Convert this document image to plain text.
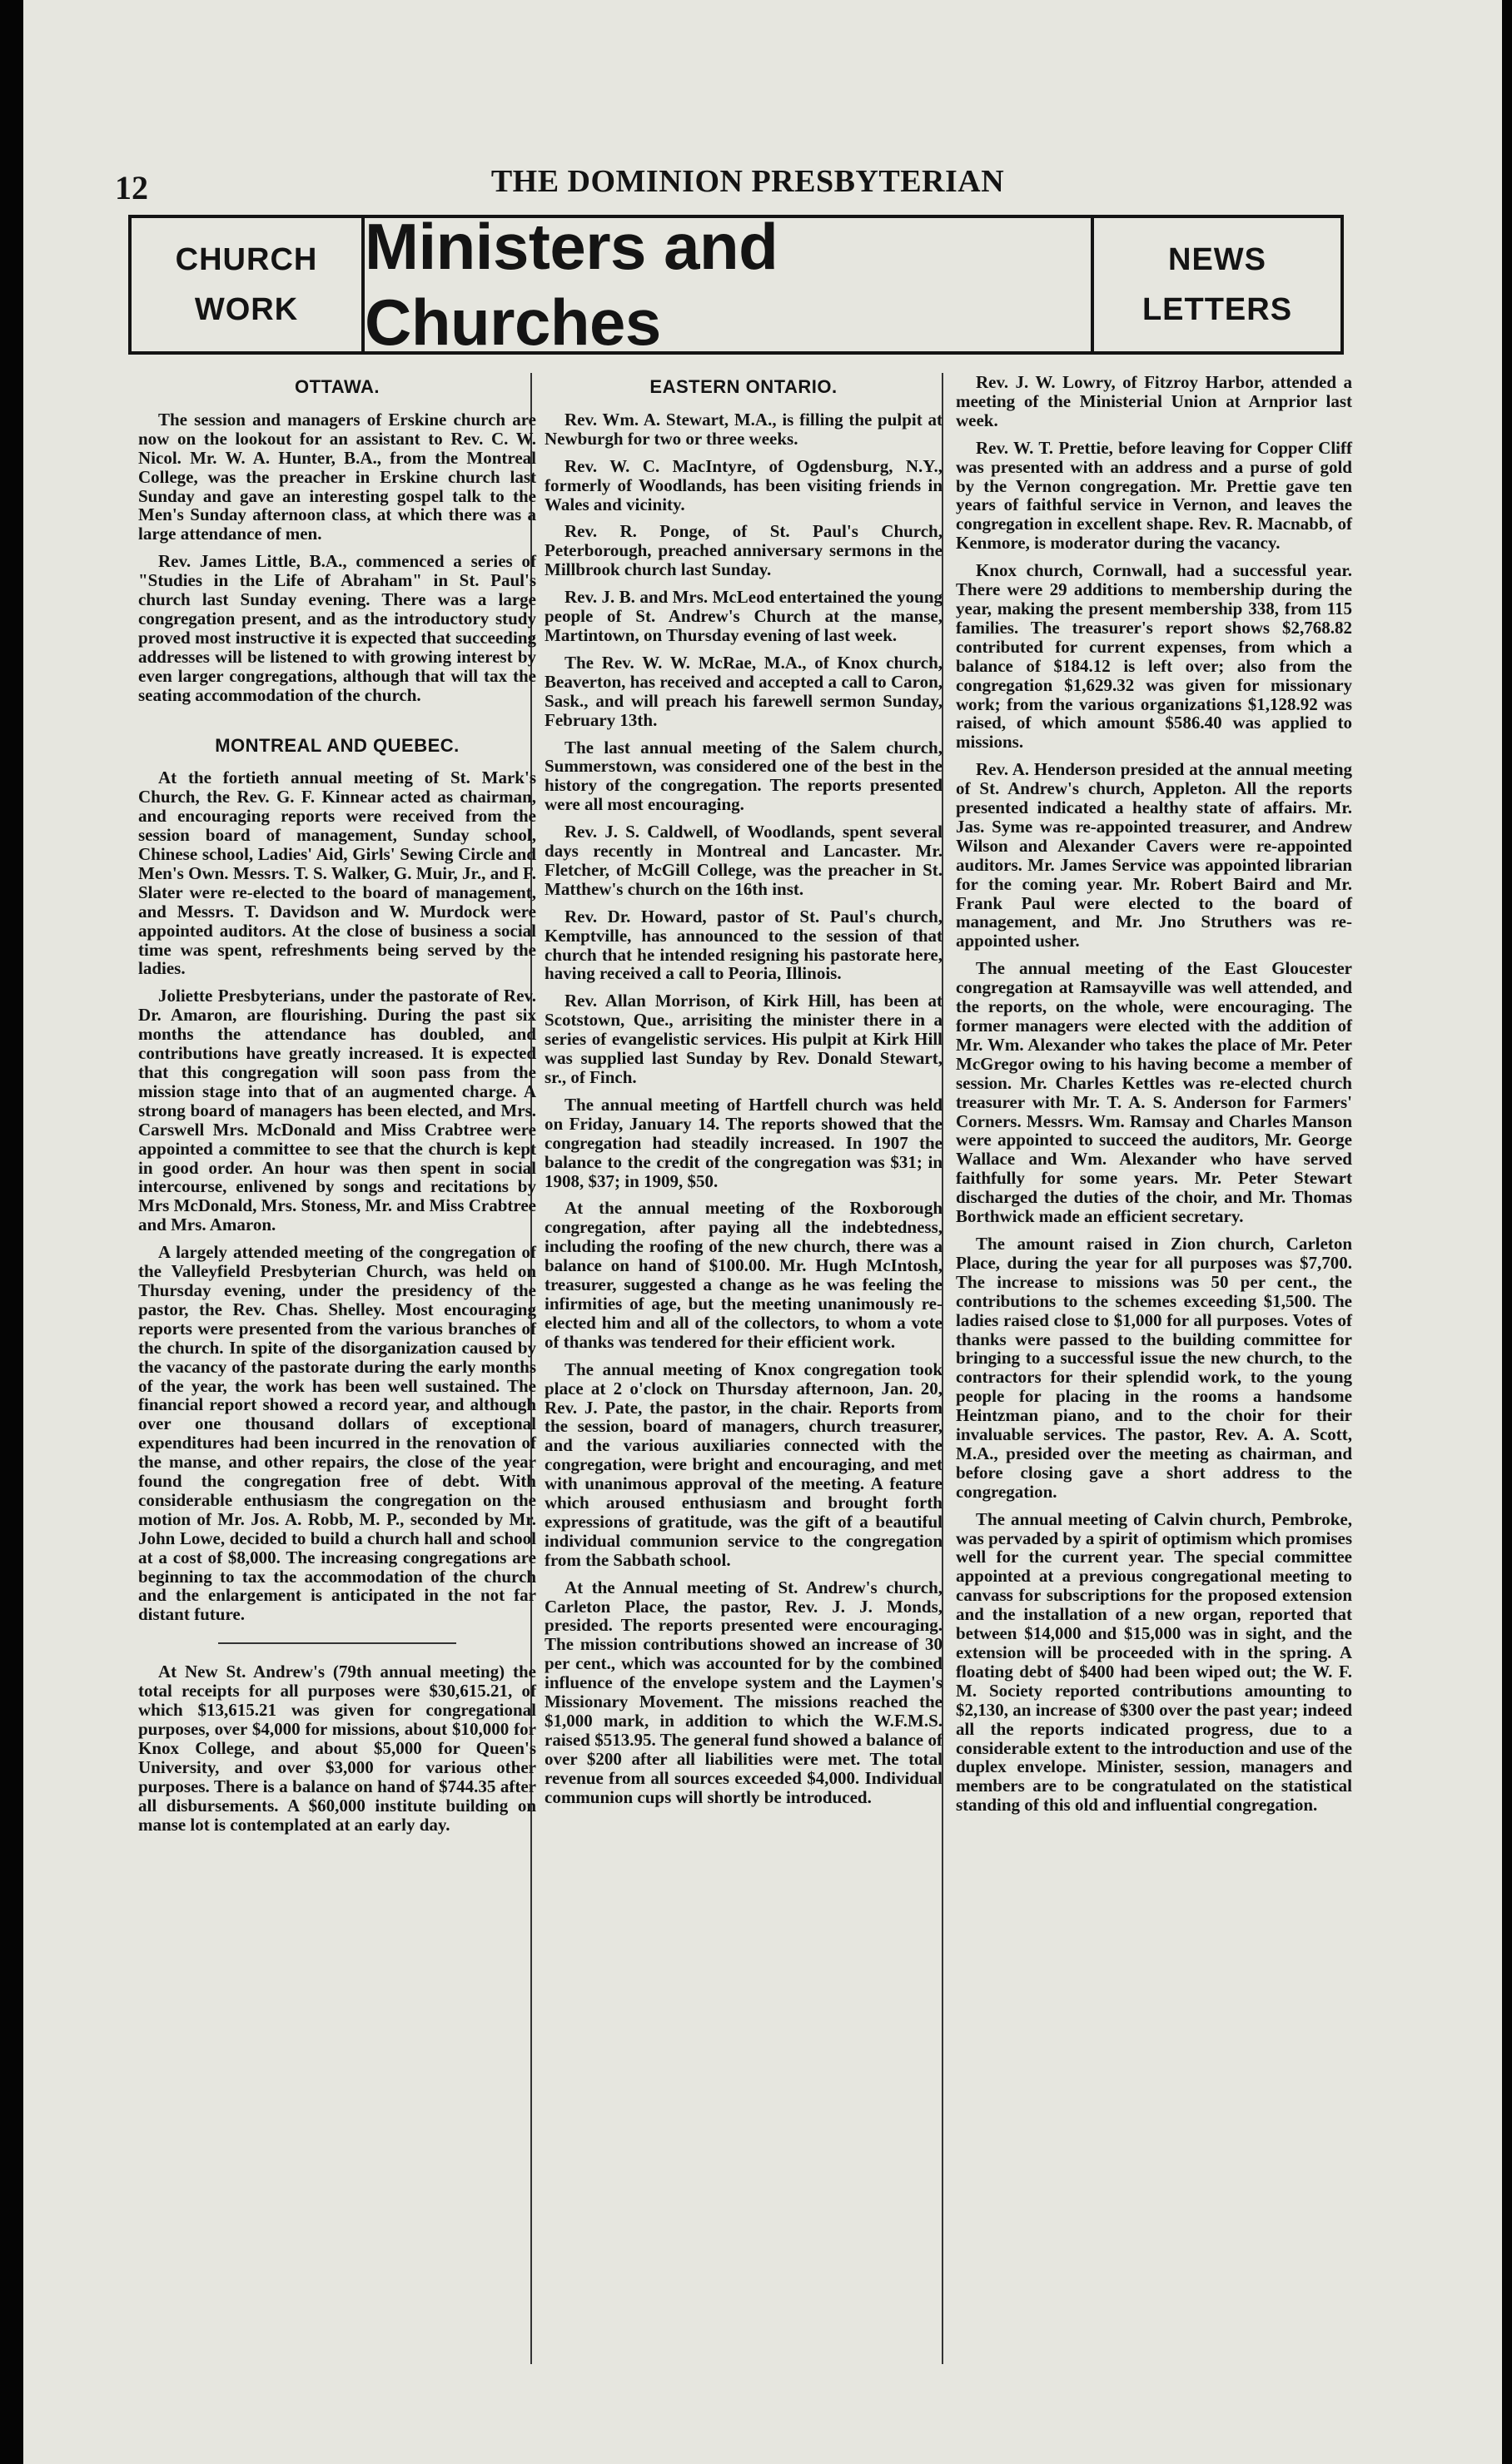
12	THE DOMINION PRESBYTERIAN
CHURCH
WORK
Ministers and Churches
NEWS
LETTERS
OTTAWA.

The session and managers of Erskine church are now on the lookout for an assistant to Rev. C. W. Nicol. Mr. W. A. Hunter, B.A., from the Montreal College, was the preacher in Erskine church last Sunday and gave an interesting gospel talk to the Men's Sunday afternoon class, at which there was a large attendance of men.

Rev. James Little, B.A., commenced a series of "Studies in the Life of Abraham" in St. Paul's church last Sunday evening. There was a large congregation present, and as the introductory study proved most instructive it is expected that succeeding addresses will be listened to with growing interest by even larger congregations, although that will tax the seating accommodation of the church.

MONTREAL AND QUEBEC.

At the fortieth annual meeting of St. Mark's Church, the Rev. G. F. Kinnear acted as chairman, and encouraging reports were received from the session board of management, Sunday school, Chinese school, Ladies' Aid, Girls' Sewing Circle and Men's Own. Messrs. T. S. Walker, G. Muir, Jr., and F. Slater were re-elected to the board of management, and Messrs. T. Davidson and W. Murdock were appointed auditors. At the close of business a social time was spent, refreshments being served by the ladies.

Joliette Presbyterians, under the pastorate of Rev. Dr. Amaron, are flourishing. During the past six months the attendance has doubled, and contributions have greatly increased. It is expected that this congregation will soon pass from the mission stage into that of an augmented charge. A strong board of managers has been elected, and Mrs. Carswell Mrs. McDonald and Miss Crabtree were appointed a committee to see that the church is kept in good order. An hour was then spent in social intercourse, enlivened by songs and recitations by Mrs McDonald, Mrs. Stoness, Mr. and Miss Crabtree and Mrs. Amaron.

A largely attended meeting of the congregation of the Valleyfield Presbyterian Church, was held on Thursday evening, under the presidency of the pastor, the Rev. Chas. Shelley. Most encouraging reports were presented from the various branches of the church. In spite of the disorganization caused by the vacancy of the pastorate during the early months of the year, the work has been well sustained. The financial report showed a record year, and although over one thousand dollars of exceptional expenditures had been incurred in the renovation of the manse, and other repairs, the close of the year found the congregation free of debt. With considerable enthusiasm the congregation on the motion of Mr. Jos. A. Robb, M. P., seconded by Mr. John Lowe, decided to build a church hall and school at a cost of $8,000. The increasing congregations are beginning to tax the accommodation of the church and the enlargement is anticipated in the not far distant future.

At New St. Andrew's (79th annual meeting) the total receipts for all purposes were $30,615.21, of which $13,615.21 was given for congregational purposes, over $4,000 for missions, about $10,000 for Knox College, and about $5,000 for Queen's University, and over $3,000 for various other purposes. There is a balance on hand of $744.35 after all disbursements. A $60,000 institute building on manse lot is contemplated at an early day.

EASTERN ONTARIO.

Rev. Wm. A. Stewart, M.A., is filling the pulpit at Newburgh for two or three weeks.

Rev. W. C. MacIntyre, of Ogdensburg, N.Y., formerly of Woodlands, has been visiting friends in Wales and vicinity.

Rev. R. Ponge, of St. Paul's Church, Peterborough, preached anniversary sermons in the Millbrook church last Sunday.

Rev. J. B. and Mrs. McLeod entertained the young people of St. Andrew's Church at the manse, Martintown, on Thursday evening of last week.

The Rev. W. W. McRae, M.A., of Knox church, Beaverton, has received and accepted a call to Caron, Sask., and will preach his farewell sermon Sunday, February 13th.

The last annual meeting of the Salem church, Summerstown, was considered one of the best in the history of the congregation. The reports presented were all most encouraging.

Rev. J. S. Caldwell, of Woodlands, spent several days recently in Montreal and Lancaster. Mr. Fletcher, of McGill College, was the preacher in St. Matthew's church on the 16th inst.

Rev. Dr. Howard, pastor of St. Paul's church, Kemptville, has announced to the session of that church that he intended resigning his pastorate here, having received a call to Peoria, Illinois.

Rev. Allan Morrison, of Kirk Hill, has been at Scotstown, Que., arrisiting the minister there in a series of evangelistic services. His pulpit at Kirk Hill was supplied last Sunday by Rev. Donald Stewart, sr., of Finch.

The annual meeting of Hartfell church was held on Friday, January 14. The reports showed that the congregation had steadily increased. In 1907 the balance to the credit of the congregation was $31; in 1908, $37; in 1909, $50.

At the annual meeting of the Roxborough congregation, after paying all the indebtedness, including the roofing of the new church, there was a balance on hand of $100.00. Mr. Hugh McIntosh, treasurer, suggested a change as he was feeling the infirmities of age, but the meeting unanimously re-elected him and all of the collectors, to whom a vote of thanks was tendered for their efficient work.

The annual meeting of Knox congregation took place at 2 o'clock on Thursday afternoon, Jan. 20, Rev. J. Pate, the pastor, in the chair. Reports from the session, board of managers, church treasurer, and the various auxiliaries connected with the congregation, were bright and encouraging, and met with unanimous approval of the meeting. A feature which aroused enthusiasm and brought forth expressions of gratitude, was the gift of a beautiful individual communion service to the congregation from the Sabbath school.

At the Annual meeting of St. Andrew's church, Carleton Place, the pastor, Rev. J. J. Monds, presided. The reports presented were encouraging. The mission contributions showed an increase of 30 per cent., which was accounted for by the combined influence of the envelope system and the Laymen's Missionary Movement. The missions reached the $1,000 mark, in addition to which the W.F.M.S. raised $513.95. The general fund showed a balance of over $200 after all liabilities were met. The total revenue from all sources exceeded $4,000. Individual communion cups will shortly be introduced.

Rev. J. W. Lowry, of Fitzroy Harbor, attended a meeting of the Ministerial Union at Arnprior last week.

Rev. W. T. Prettie, before leaving for Copper Cliff was presented with an address and a purse of gold by the Vernon congregation. Mr. Prettie gave ten years of faithful service in Vernon, and leaves the congregation in excellent shape. Rev. R. Macnabb, of Kenmore, is moderator during the vacancy.

Knox church, Cornwall, had a successful year. There were 29 additions to membership during the year, making the present membership 338, from 115 families. The treasurer's report shows $2,768.82 contributed for current expenses, from which a balance of $184.12 is left over; also from the congregation $1,629.32 was given for missionary work; from the various organizations $1,128.92 was raised, of which amount $586.40 was applied to missions.

Rev. A. Henderson presided at the annual meeting of St. Andrew's church, Appleton. All the reports presented indicated a healthy state of affairs. Mr. Jas. Syme was re-appointed treasurer, and Andrew Wilson and Alexander Cavers were re-appointed auditors. Mr. James Service was appointed librarian for the coming year. Mr. Robert Baird and Mr. Frank Paul were elected to the board of management, and Mr. Jno Struthers was re-appointed usher.

The annual meeting of the East Gloucester congregation at Ramsayville was well attended, and the reports, on the whole, were encouraging. The former managers were elected with the addition of Mr. Wm. Alexander who takes the place of Mr. Peter McGregor owing to his having become a member of session. Mr. Charles Kettles was re-elected church treasurer with Mr. T. A. S. Anderson for Farmers' Corners. Messrs. Wm. Ramsay and Charles Manson were appointed to succeed the auditors, Mr. George Wallace and Wm. Alexander who have served faithfully for some years. Mr. Peter Stewart discharged the duties of the choir, and Mr. Thomas Borthwick made an efficient secretary.

The amount raised in Zion church, Carleton Place, during the year for all purposes was $7,700. The increase to missions was 50 per cent., the contributions to the schemes exceeding $1,500. The ladies raised close to $1,000 for all purposes. Votes of thanks were passed to the building committee for bringing to a successful issue the new church, to the contractors for their splendid work, to the young people for placing in the rooms a handsome Heintzman piano, and to the choir for their invaluable services. The pastor, Rev. A. A. Scott, M.A., presided over the meeting as chairman, and before closing gave a short address to the congregation.

The annual meeting of Calvin church, Pembroke, was pervaded by a spirit of optimism which promises well for the current year. The special committee appointed at a previous congregational meeting to canvass for subscriptions for the proposed extension and the installation of a new organ, reported that between $14,000 and $15,000 was in sight, and the extension will be proceeded with in the spring. A floating debt of $400 had been wiped out; the W. F. M. Society reported contributions amounting to $2,130, an increase of $300 over the past year; indeed all the reports indicated progress, due to a considerable extent to the introduction and use of the duplex envelope. Minister, session, managers and members are to be congratulated on the statistical standing of this old and influential congregation.
